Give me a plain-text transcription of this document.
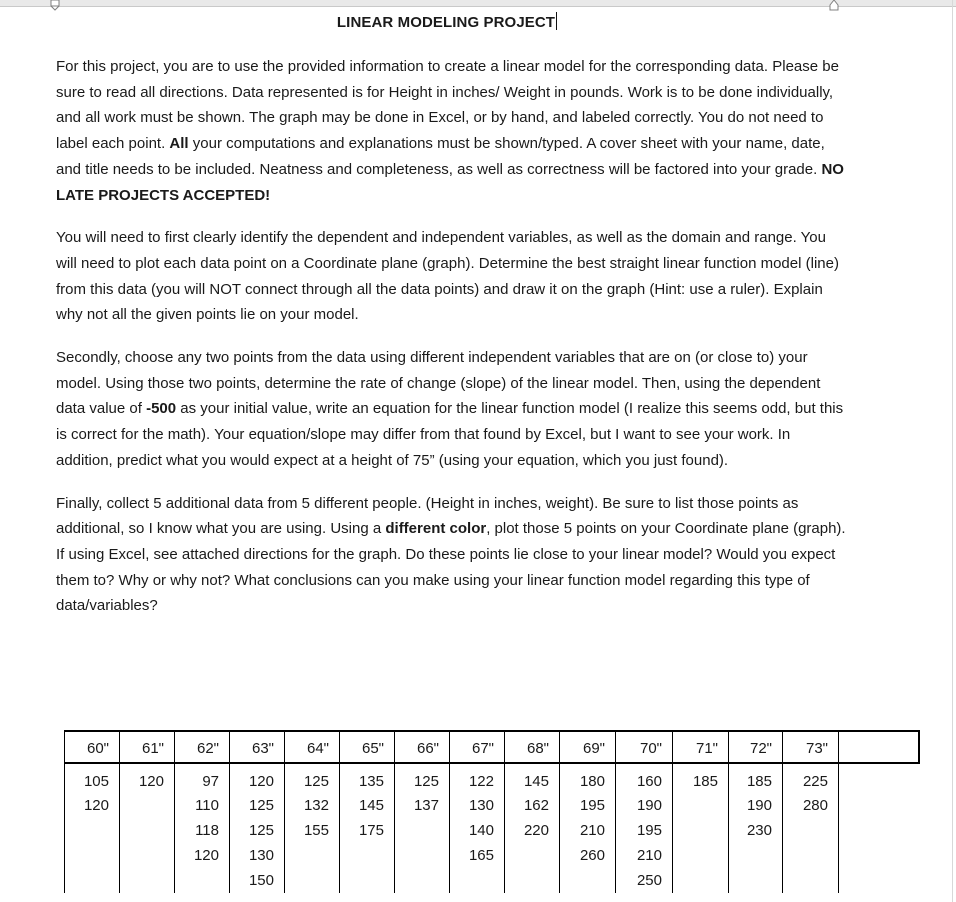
LINEAR MODELING PROJECT

For this project, you are to use the provided information to create a linear model for the corresponding data. Please be sure to read all directions. Data represented is for Height in inches/ Weight in pounds. Work is to be done individually, and all work must be shown. The graph may be done in Excel, or by hand, and labeled correctly. You do not need to label each point. All your computations and explanations must be shown/typed. A cover sheet with your name, date, and title needs to be included. Neatness and completeness, as well as correctness will be factored into your grade. NO LATE PROJECTS ACCEPTED!

You will need to first clearly identify the dependent and independent variables, as well as the domain and range. You will need to plot each data point on a Coordinate plane (graph). Determine the best straight linear function model (line) from this data (you will NOT connect through all the data points) and draw it on the graph (Hint: use a ruler). Explain why not all the given points lie on your model.

Secondly, choose any two points from the data using different independent variables that are on (or close to) your model. Using those two points, determine the rate of change (slope) of the linear model. Then, using the dependent data value of -500 as your initial value, write an equation for the linear function model (I realize this seems odd, but this is correct for the math). Your equation/slope may differ from that found by Excel, but I want to see your work. In addition, predict what you would expect at a height of 75” (using your equation, which you just found).

Finally, collect 5 additional data from 5 different people. (Height in inches, weight). Be sure to list those points as additional, so I know what you are using. Using a different color, plot those 5 points on your Coordinate plane (graph). If using Excel, see attached directions for the graph. Do these points lie close to your linear model? Would you expect them to? Why or why not? What conclusions can you make using your linear function model regarding this type of data/variables?

60"	61"	62"	63"	64"	65"	66"	67"	68"	69"	70"	71"	72"	73"	
105	120	97	120	125	135	125	122	145	180	160	185	185	225	
120		110	125	132	145	137	130	162	195	190		190	280	
		118	125	155	175		140	220	210	195		230		
		120	130				165		260	210				
			150							250				
